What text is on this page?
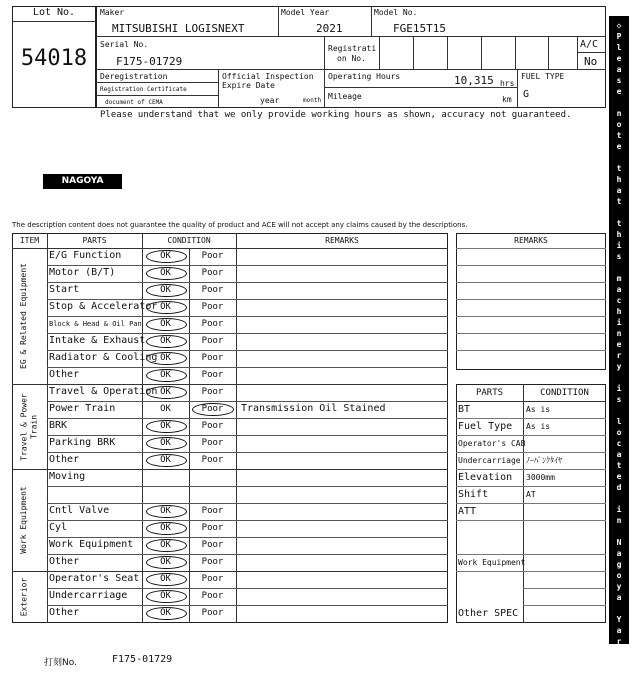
Lot No.
54018
Maker
MITSUBISHI LOGISNEXT
Model Year
2021
Model No.
FGE15T15
Serial No.
F175-01729
Registrati
on No.
A/C
No
Deregistration
Registration Certificate
document of CEMA
Official Inspection
Expire Date
year	month
Operating Hours	10,315 hrs
Mileage	km
FUEL TYPE
G
Please understand that we only provide working hours as shown, accuracy not guaranteed.
NAGOYA
The description content does not guarantee the quality of product and ACE will not accept any claims caused by the descriptions.
ITEM	PARTS	CONDITION	REMARKS
E/G Function	OK	Poor
Motor (B/T)	OK	Poor
Start	OK	Poor
Stop & Accelerator OK	Poor
Block & Head & Oil Pan	OK	Poor
Intake & Exhaust	OK	Poor
Radiator & Cooling OK	Poor
Other	OK	Poor
EG & Related Equipment
Travel & Operation OK	Poor
Power Train	OK	Poor	Transmission Oil Stained
BRK	OK	Poor
Parking BRK	OK	Poor
Other	OK	Poor
Travel & Power Train
Moving
Cntl Valve	OK	Poor
Cyl	OK	Poor
Work Equipment	OK	Poor
Other	OK	Poor
Work Equipment
Operator's Seat	OK	Poor
Undercarriage	OK	Poor
Other	OK	Poor
Exterior
REMARKS
PARTS	CONDITION
BT	As is
Fuel Type As is
Operator's CAB
Undercarriage ﾉｰﾊﾟﾝｸﾀｲﾔ
Elevation 3000mm
Shift	AT
ATT
Work Equipment
Other SPEC
打刻No.	F175-01729
◇
P
l
e
a
s
e

n
o
t
e

t
h
a
t

t
h
i
s

m
a
c
h
i
n
e
r
y

i
s

l
o
c
a
t
e
d

i
n

N
a
g
o
y
a

Y
a
r
d
◇
